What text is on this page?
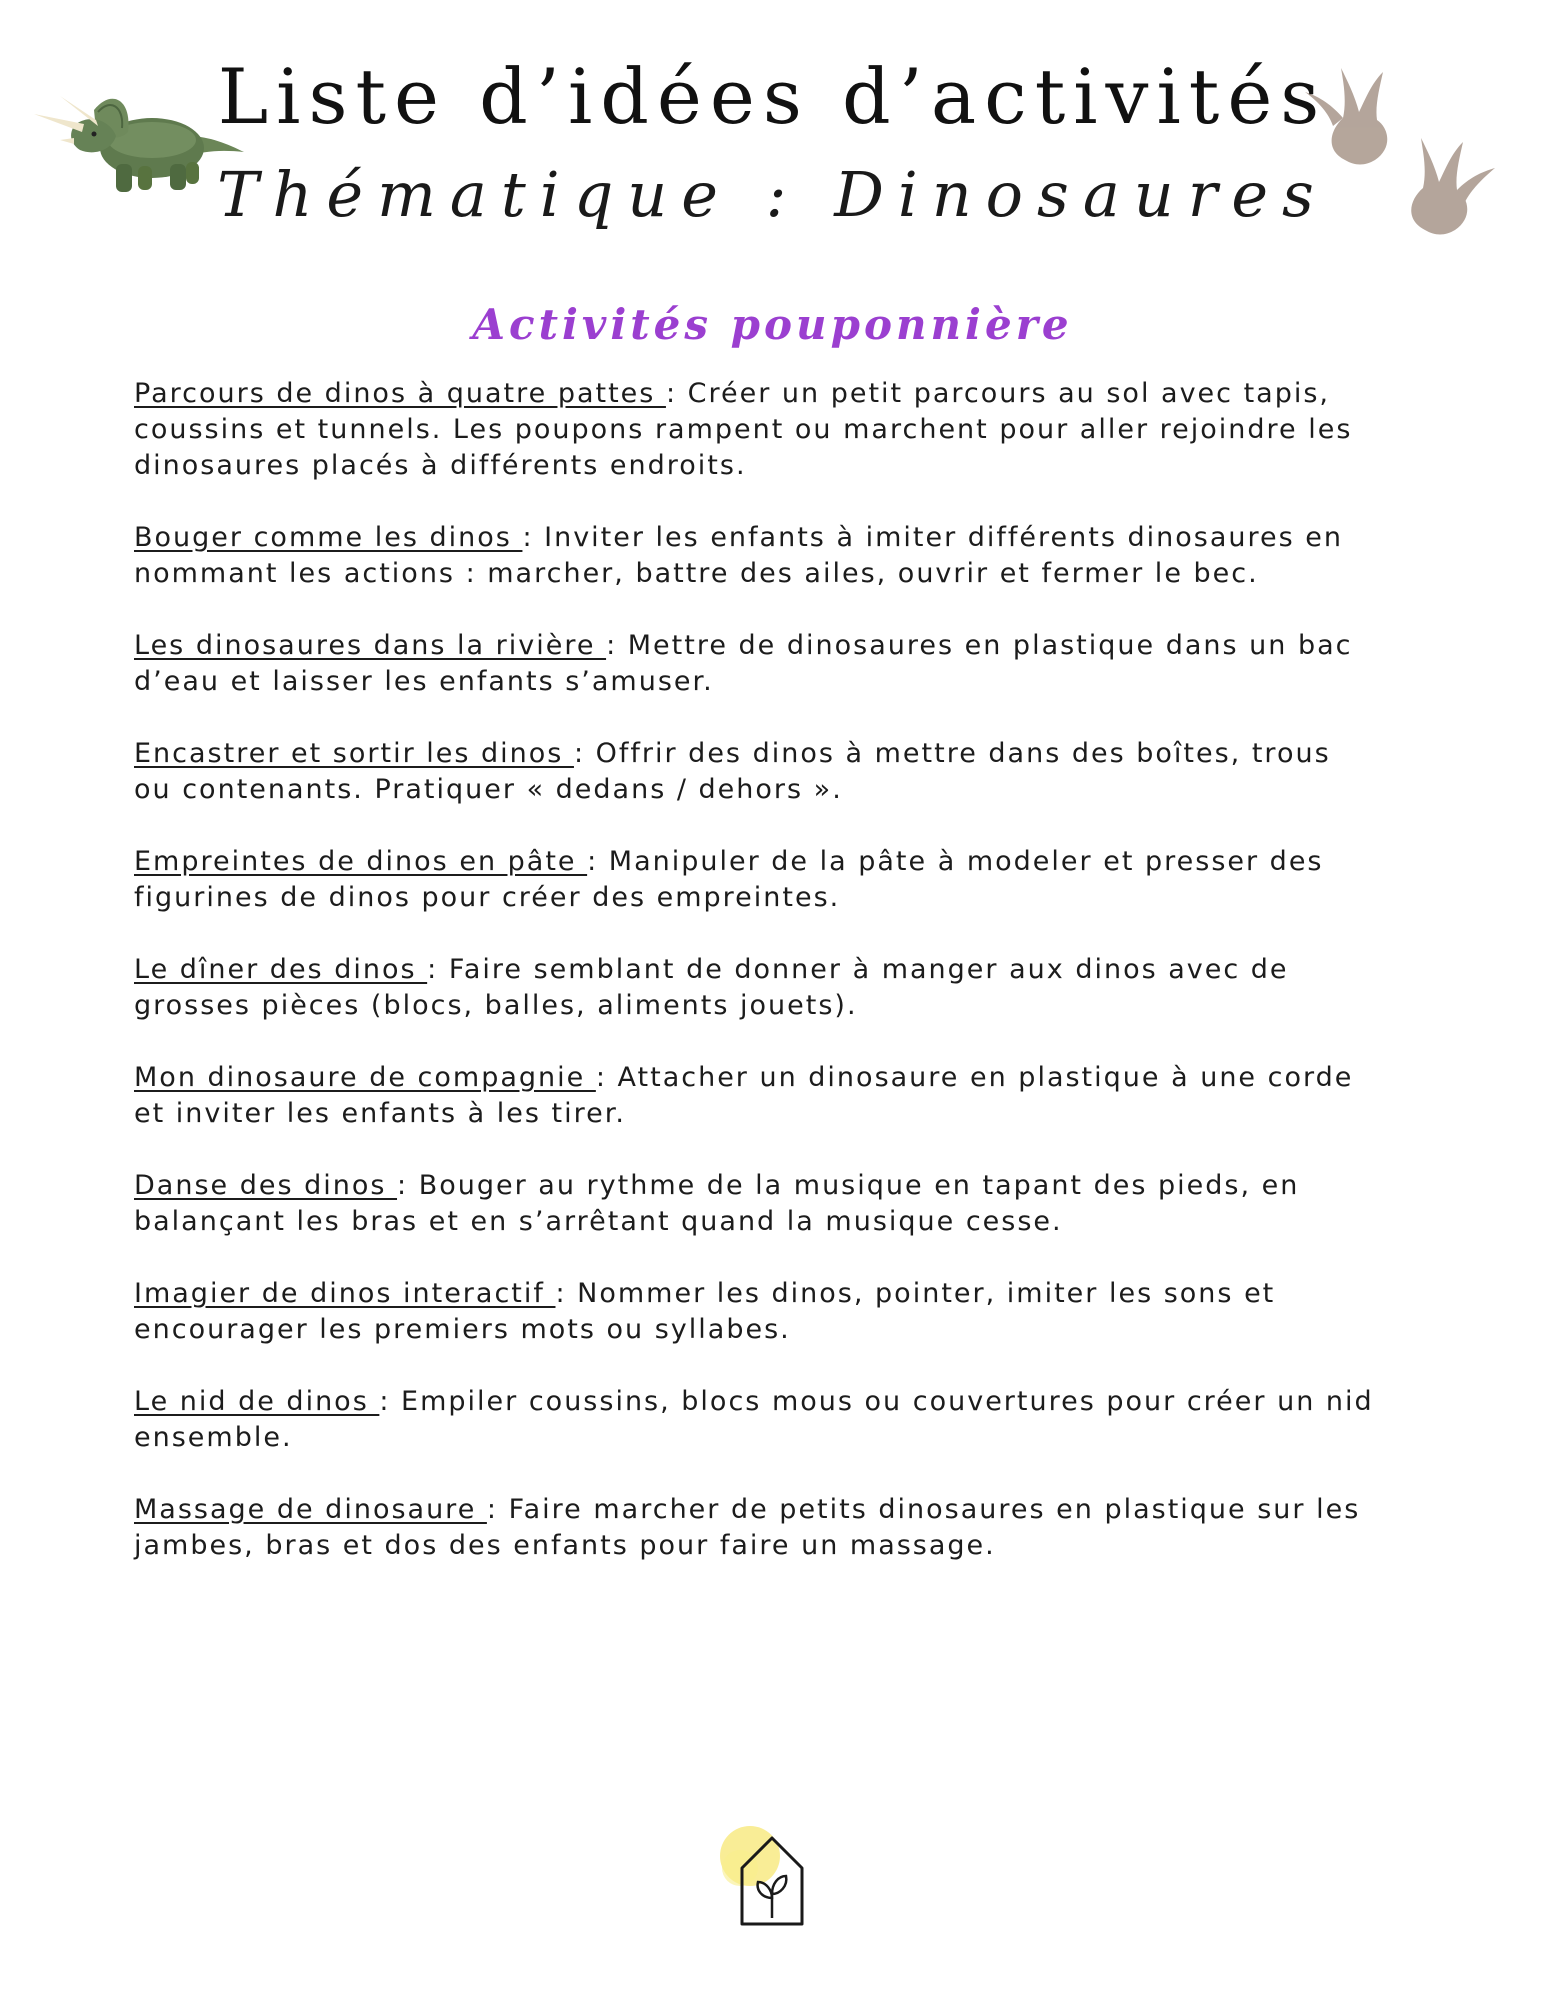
Liste d’idées d’activités
Thématique : Dinosaures
Activités pouponnière
Parcours de dinos à quatre pattes : Créer un petit parcours au sol avec tapis, coussins et tunnels. Les poupons rampent ou marchent pour aller rejoindre les dinosaures placés à différents endroits.
Bouger comme les dinos : Inviter les enfants à imiter différents dinosaures en nommant les actions : marcher, battre des ailes, ouvrir et fermer le bec.
Les dinosaures dans la rivière : Mettre de dinosaures en plastique dans un bac d’eau et laisser les enfants s’amuser.
Encastrer et sortir les dinos : Offrir des dinos à mettre dans des boîtes, trous ou contenants. Pratiquer « dedans / dehors ».
Empreintes de dinos en pâte : Manipuler de la pâte à modeler et presser des figurines de dinos pour créer des empreintes.
Le dîner des dinos : Faire semblant de donner à manger aux dinos avec de grosses pièces (blocs, balles, aliments jouets).
Mon dinosaure de compagnie : Attacher un dinosaure en plastique à une corde et inviter les enfants à les tirer.
Danse des dinos : Bouger au rythme de la musique en tapant des pieds, en balançant les bras et en s’arrêtant quand la musique cesse.
Imagier de dinos interactif : Nommer les dinos, pointer, imiter les sons et encourager les premiers mots ou syllabes.
Le nid de dinos : Empiler coussins, blocs mous ou couvertures pour créer un nid ensemble.
Massage de dinosaure : Faire marcher de petits dinosaures en plastique sur les jambes, bras et dos des enfants pour faire un massage.
